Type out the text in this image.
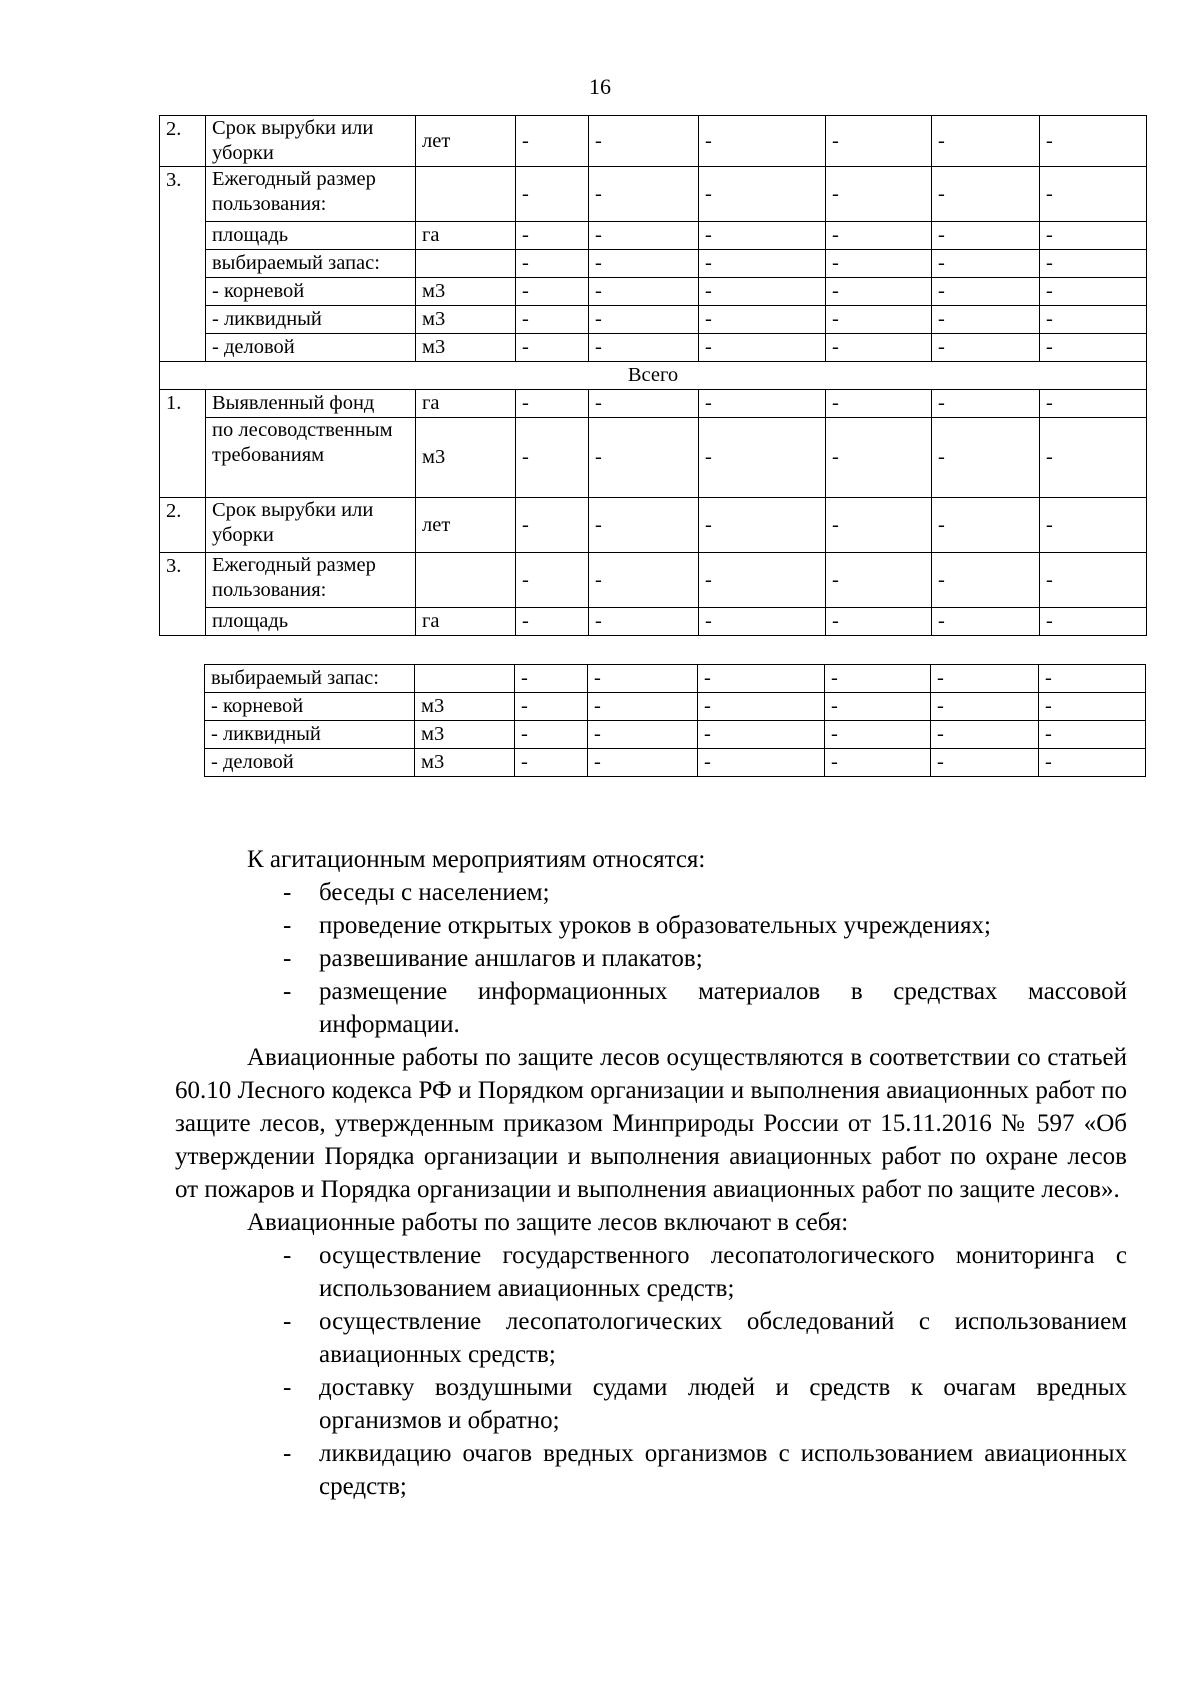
16
2.	Срок вырубки или уборки	лет	-	-	-	-	-	-
3.	Ежегодный размер пользования:		-	-	-	-	-	-
	площадь	га	-	-	-	-	-	-
	выбираемый запас:		-	-	-	-	-	-
	- корневой	м3	-	-	-	-	-	-
	- ликвидный	м3	-	-	-	-	-	-
	- деловой	м3	-	-	-	-	-	-
Всего								
1.	Выявленный фонд	га	-	-	-	-	-	-
	по лесоводственным требованиям	м3	-	-	-	-	-	-
2.	Срок вырубки или уборки	лет	-	-	-	-	-	-
3.	Ежегодный размер пользования:		-	-	-	-	-	-
	площадь	га	-	-	-	-	-	-
выбираемый запас:		-	-	-	-	-	-
- корневой	м3	-	-	-	-	-	-
- ликвидный	м3	-	-	-	-	-	-
- деловой	м3	-	-	-	-	-	-

К агитационным мероприятиям относятся:

- беседы с населением;
- проведение открытых уроков в образовательных учреждениях;
- развешивание аншлагов и плакатов;
- размещение информационных материалов в средствах массовой информации.

Авиационные работы по защите лесов осуществляются в соответствии со статьей 60.10 Лесного кодекса РФ и Порядком организации и выполнения авиационных работ по защите лесов, утвержденным приказом Минприроды России от 15.11.2016 № 597 «Об утверждении Порядка организации и выполнения авиационных работ по охране лесов от пожаров и Порядка организации и выполнения авиационных работ по защите лесов».

Авиационные работы по защите лесов включают в себя:

- осуществление государственного лесопатологического мониторинга с использованием авиационных средств;
- осуществление лесопатологических обследований с использованием авиационных средств;
- доставку воздушными судами людей и средств к очагам вредных организмов и обратно;
- ликвидацию очагов вредных организмов с использованием авиационных средств;
